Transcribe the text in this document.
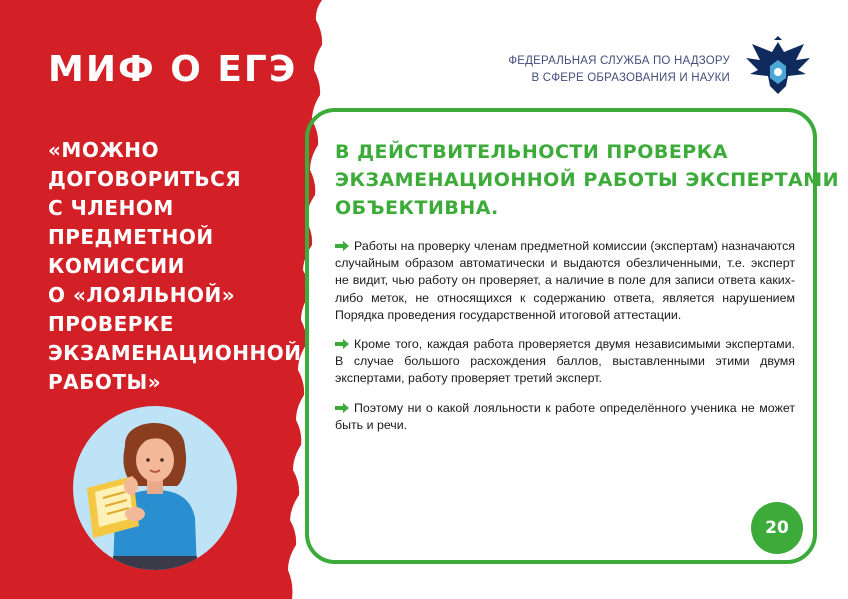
МИФ О ЕГЭ
«МОЖНО
ДОГОВОРИТЬСЯ
С ЧЛЕНОМ
ПРЕДМЕТНОЙ
КОМИССИИ
О «ЛОЯЛЬНОЙ»
ПРОВЕРКЕ
ЭКЗАМЕНАЦИОННОЙ
РАБОТЫ»
ФЕДЕРАЛЬНАЯ СЛУЖБА ПО НАДЗОРУ
В СФЕРЕ ОБРАЗОВАНИЯ И НАУКИ
В ДЕЙСТВИТЕЛЬНОСТИ ПРОВЕРКА
ЭКЗАМЕНАЦИОННОЙ РАБОТЫ ЭКСПЕРТАМИ
ОБЪЕКТИВНА.

Работы на проверку членам предметной комиссии (экспертам) назначаются случайным образом автоматически и выдаются обезличенными, т.е. эксперт не видит, чью работу он проверяет, а наличие в поле для записи ответа каких-либо меток, не относящихся к содержанию ответа, является нарушением Порядка проведения государственной итоговой аттестации.

Кроме того, каждая работа проверяется двумя независимыми экспертами. В случае большого расхождения баллов, выставленными этими двумя экспертами, работу проверяет третий эксперт.

Поэтому ни о какой лояльности к работе определённого ученика не может быть и речи.

20
